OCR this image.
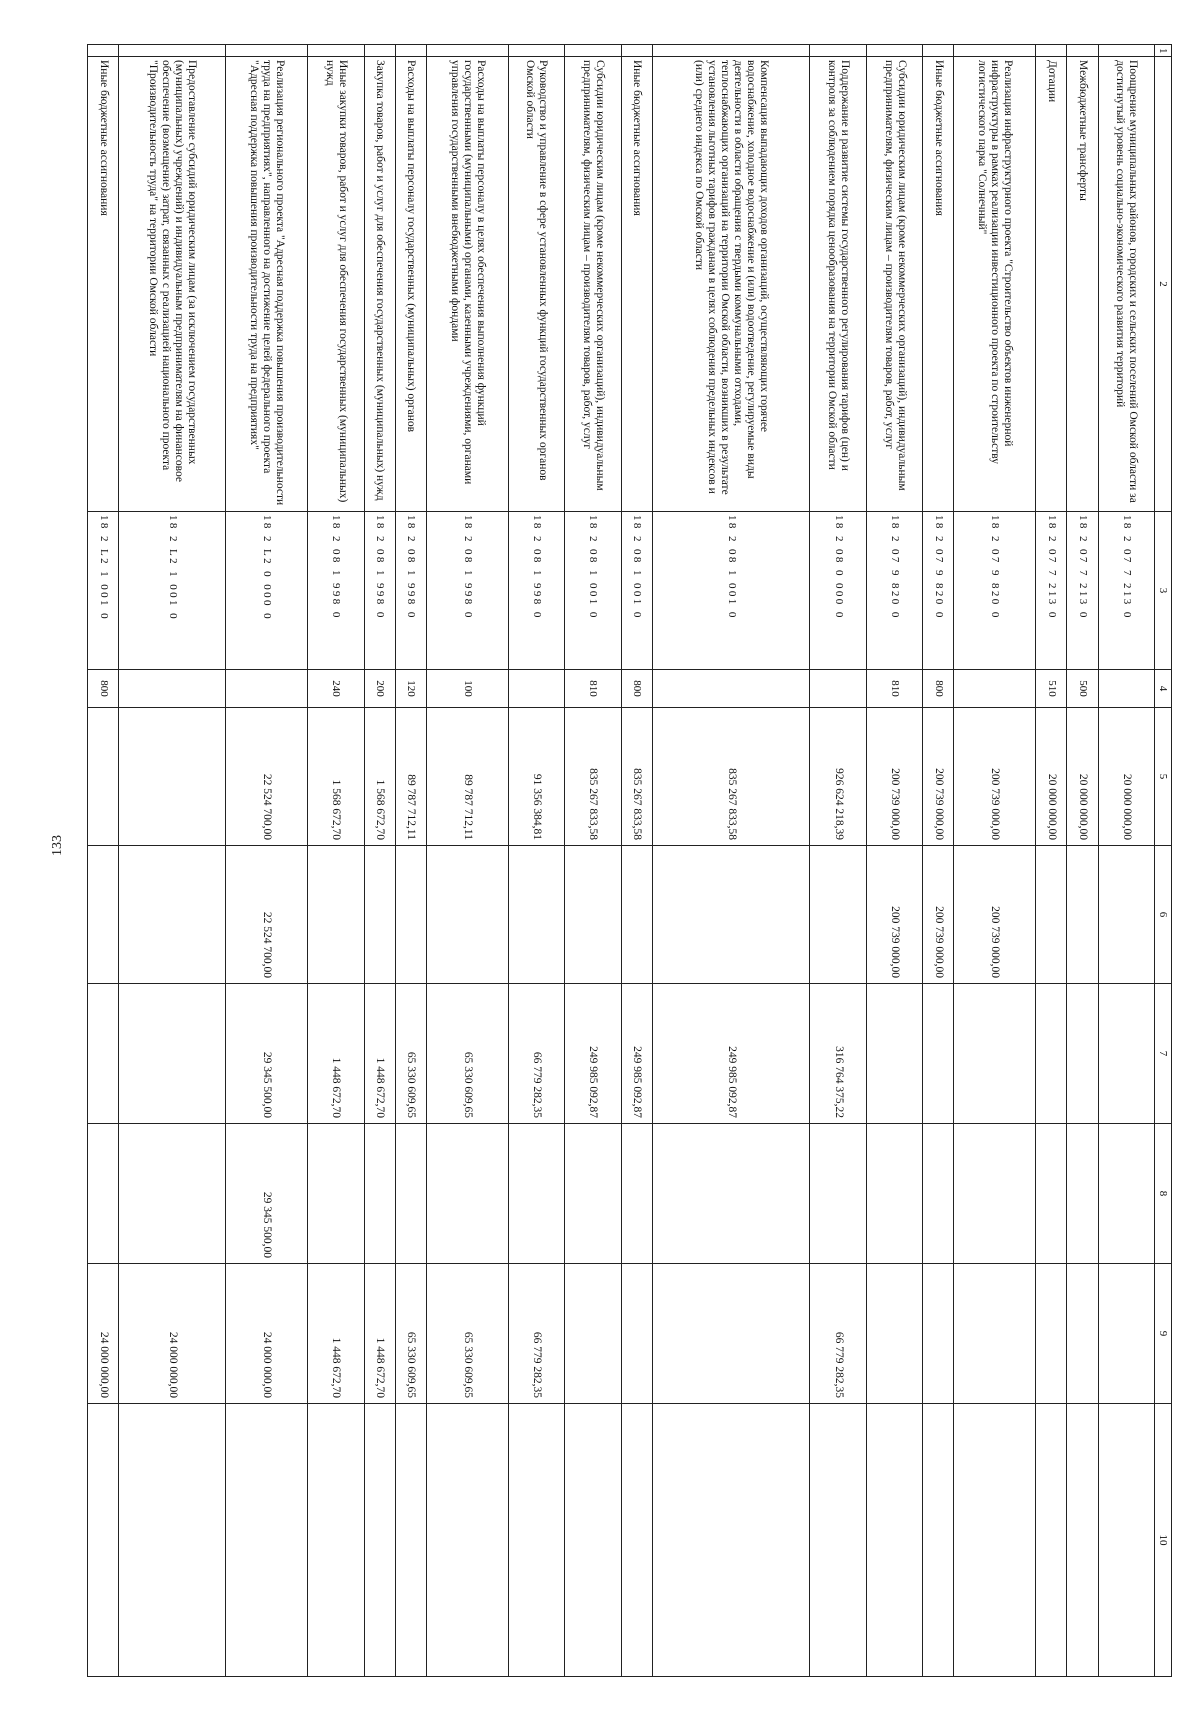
133
1	2	3	4	5	6	7	8	9	10
	Поощрение муниципальных районов, городских и сельских поселений Омской области за достигнутый уровень социально-экономического развития территорий	18 2 07 7 213 0		20 000 000,00					
	Межбюджетные трансферты	18 2 07 7 213 0	500	20 000 000,00					
	Дотации	18 2 07 7 213 0	510	20 000 000,00					
	Реализация инфраструктурного проекта "Строительство объектов инженерной инфраструктуры в рамках реализации инвестиционного проекта по строительству логистического парка "Солнечный"	18 2 07 9 820 0		200 739 000,00	200 739 000,00				
	Иные бюджетные ассигнования	18 2 07 9 820 0	800	200 739 000,00	200 739 000,00				
	Субсидии юридическим лицам (кроме некоммерческих организаций), индивидуальным предпринимателям, физическим лицам – производителям товаров, работ, услуг	18 2 07 9 820 0	810	200 739 000,00	200 739 000,00				
	Поддержание и развитие системы государственного регулирования тарифов (цен) и контроля за соблюдением порядка ценообразования на территории Омской области	18 2 08 0 000 0		926 624 218,39		316 764 375,22		66 779 282,35	
	Компенсация выпадающих доходов организаций, осуществляющих горячее водоснабжение, холодное водоснабжение и (или) водоотведение, регулируемые виды деятельности в области обращения с твердыми коммунальными отходами, теплоснабжающих организаций на территории Омской области, возникших в результате установления льготных тарифов гражданам в целях соблюдения предельных индексов и (или) среднего индекса по Омской области	18 2 08 1 001 0		835 267 833,58		249 985 092,87			
	Иные бюджетные ассигнования	18 2 08 1 001 0	800	835 267 833,58		249 985 092,87			
	Субсидии юридическим лицам (кроме некоммерческих организаций), индивидуальным предпринимателям, физическим лицам – производителям товаров, работ, услуг	18 2 08 1 001 0	810	835 267 833,58		249 985 092,87			
	Руководство и управление в сфере установленных функций государственных органов Омской области	18 2 08 1 998 0		91 356 384,81		66 779 282,35		66 779 282,35	
	Расходы на выплаты персоналу в целях обеспечения выполнения функций государственными (муниципальными) органами, казенными учреждениями, органами управления государственными внебюджетными фондами	18 2 08 1 998 0	100	89 787 712,11		65 330 609,65		65 330 609,65	
	Расходы на выплаты персоналу государственных (муниципальных) органов	18 2 08 1 998 0	120	89 787 712,11		65 330 609,65		65 330 609,65	
	Закупка товаров, работ и услуг для обеспечения государственных (муниципальных) нужд	18 2 08 1 998 0	200	1 568 672,70		1 448 672,70		1 448 672,70	
	Иные закупки товаров, работ и услуг для обеспечения государственных (муниципальных) нужд	18 2 08 1 998 0	240	1 568 672,70		1 448 672,70		1 448 672,70	
	Реализация регионального проекта "Адресная поддержка повышения производительности труда на предприятиях", направленного на достижение целей федерального проекта "Адресная поддержка повышения производительности труда на предприятиях"	18 2 L2 0 000 0		22 524 700,00	22 524 700,00	29 345 500,00	29 345 500,00	24 000 000,00	
	Предоставление субсидий юридическим лицам (за исключением государственных (муниципальных) учреждений) и индивидуальным предпринимателям на финансовое обеспечение (возмещение) затрат, связанных с реализацией национального проекта "Производительность труда" на территории Омской области	18 2 L2 1 001 0						24 000 000,00	
	Иные бюджетные ассигнования	18 2 L2 1 001 0	800					24 000 000,00	
